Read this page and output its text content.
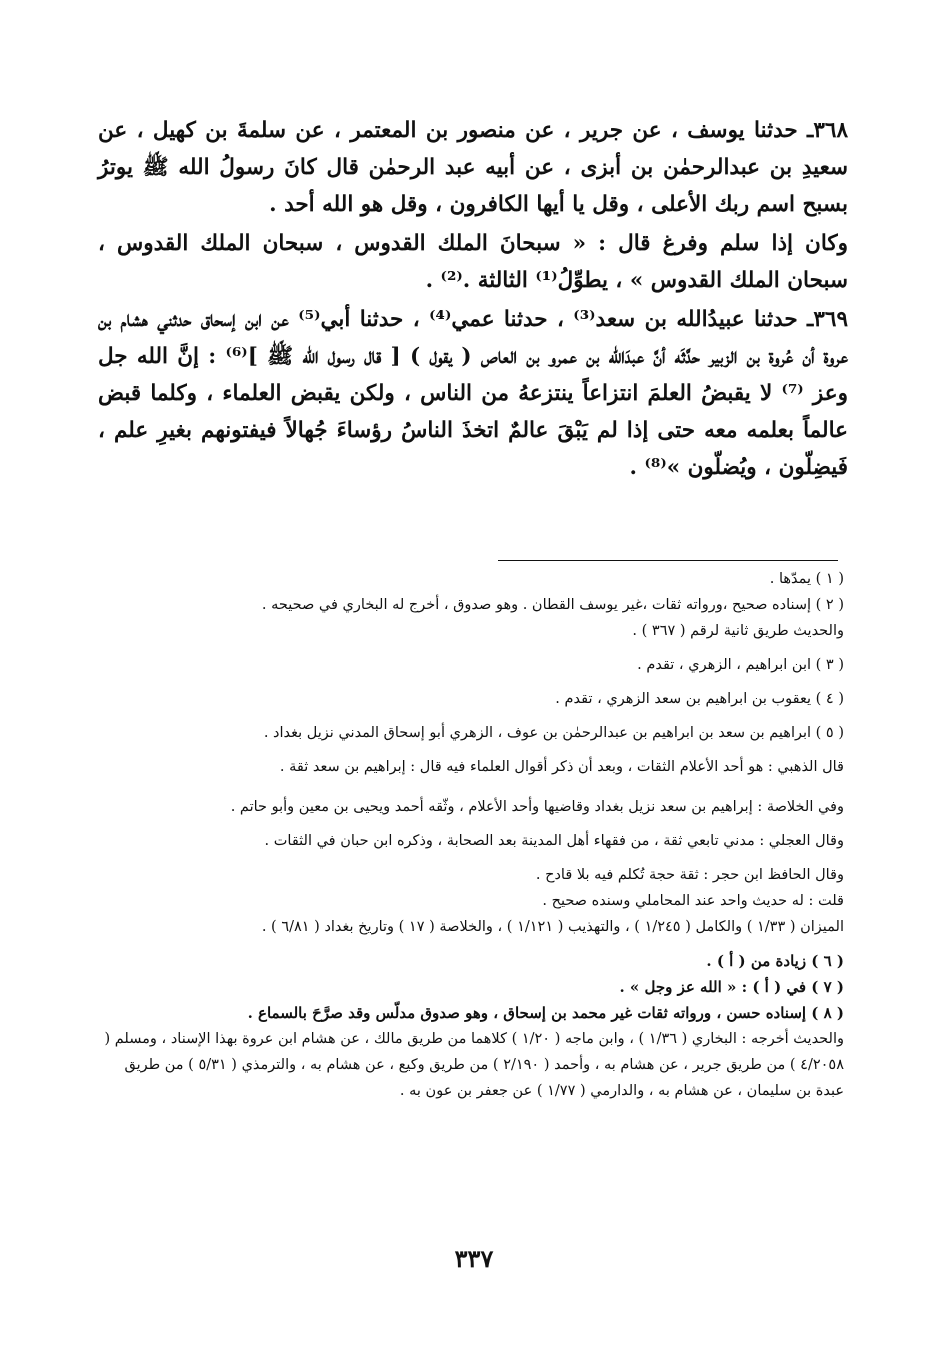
٣٦٨ـ حدثنا يوسف ، عن جرير ، عن منصور بن المعتمر ، عن سلمةَ بن كهيل ، عن سعيدِ بن عبدالرحمٰن بن أبزى ، عن أبيه عبد الرحمٰن قال كانَ رسولُ الله ﷺ يوترُ بسبح اسم ربك الأعلى ، وقل يا أيها الكافرون ، وقل هو الله أحد .

وكان إذا سلم وفرغ قال : « سبحانَ الملك القدوس ، سبحان الملك القدوس ، سبحان الملك القدوس » ، يطوِّلُ⁽¹⁾ الثالثة .⁽²⁾ .

٣٦٩ـ حدثنا عبيدُالله بن سعد⁽³⁾ ، حدثنا عمي⁽⁴⁾ ، حدثنا أبي⁽⁵⁾ عن ابن إسحاق حدثني هشام بن عروة أن عُروة بن الزبير حدَّثَه أنَّ عبدَالله بن عمرو بن العاص ( يقول ) [ قال رسول الله ﷺ ]⁽⁶⁾ : إنَّ الله جل وعز ⁽⁷⁾ لا يقبضُ العلمَ انتزاعاً ينتزعهُ من الناس ، ولكن يقبض العلماء ، وكلما قبض عالماً بعلمه معه حتى إذا لم يَبْقَ عالمٌ اتخذَ الناسُ رؤساءَ جُهالاً فيفتونهم بغيرِ علم ، فَيضِلّون ، ويُضلّون »⁽⁸⁾ .

( ١ ) يمدّها .

( ٢ ) إسناده صحيح ،ورواته ثقات ،غير يوسف القطان . وهو صدوق ، أخرج له البخاري في صحيحه .

والحديث طريق ثانية لرقم ( ٣٦٧ ) .

( ٣ ) ابن ابراهيم ، الزهري ، تقدم .

( ٤ ) يعقوب بن ابراهيم بن سعد الزهري ، تقدم .

( ٥ ) ابراهيم بن سعد بن ابراهيم بن عبدالرحمٰن بن عوف ، الزهري أبو إسحاق المدني نزيل بغداد .

قال الذهبي : هو أحد الأعلام الثقات ، وبعد أن ذكر أقوال العلماء فيه قال : إبراهيم بن سعد ثقة .

وفي الخلاصة : إبراهيم بن سعد نزيل بغداد وقاضيها وأحد الأعلام ، وثّقه أحمد ويحيى بن معين وأبو حاتم .

وقال العجلي : مدني تابعي ثقة ، من فقهاء أهل المدينة بعد الصحابة ، وذكره ابن حبان في الثقات .

وقال الحافظ ابن حجر : ثقة حجة تُكلم فيه بلا قادح .

قلت : له حديث واحد عند المحاملي وسنده صحيح .

الميزان ( ١/٣٣ ) والكامل ( ١/٢٤٥ ) ، والتهذيب ( ١/١٢١ ) ، والخلاصة ( ١٧ ) وتاريخ بغداد ( ٦/٨١ ) .

( ٦ ) زيادة من ( أ ) .

( ٧ ) في ( أ ) : « الله عز وجل » .

( ٨ ) إسناده حسن ، ورواته ثقات غير محمد بن إسحاق ، وهو صدوق مدلّس وقد صرَّحَ بالسماع .

والحديث أخرجه : البخاري ( ١/٣٦ ) ، وابن ماجه ( ١/٢٠ ) كلاهما من طريق مالك ، عن هشام ابن عروة بهذا الإسناد ، ومسلم ( ٤/٢٠٥٨ ) من طريق جرير ، عن هشام به ، وأحمد ( ٢/١٩٠ ) من طريق وكيع ، عن هشام به ، والترمذي ( ٥/٣١ ) من طريق عبدة بن سليمان ، عن هشام به ، والدارمي ( ١/٧٧ ) عن جعفر بن عون به .

٣٣٧
